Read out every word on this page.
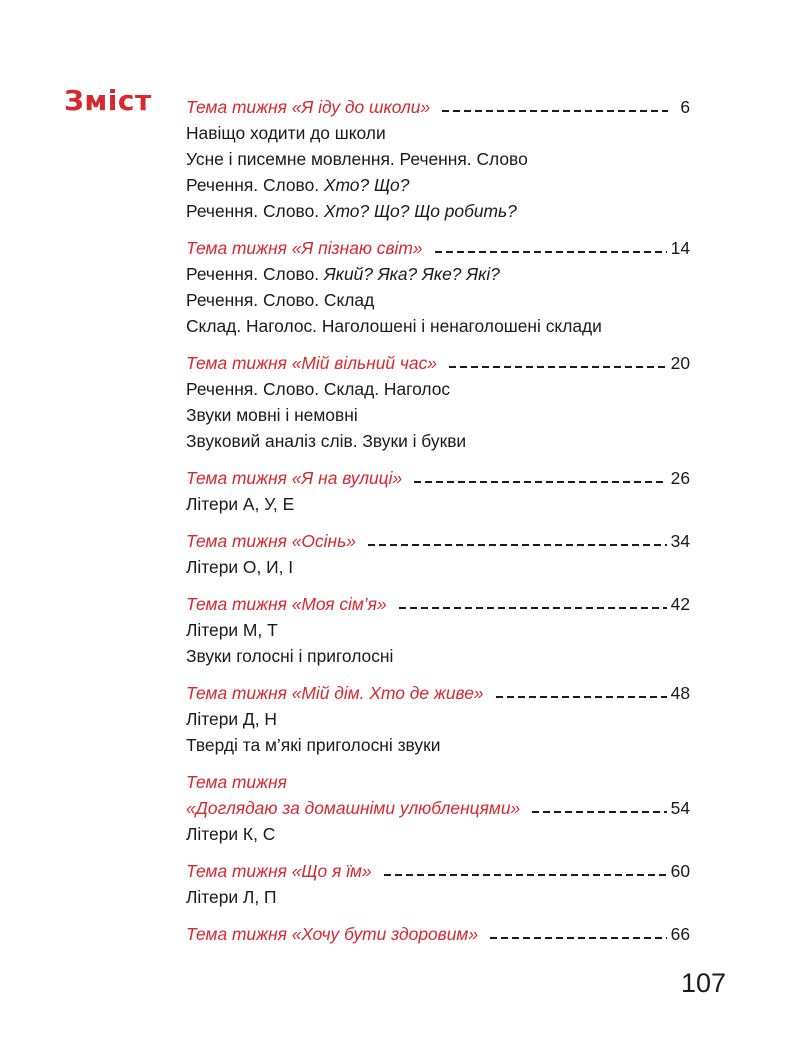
Зміст Тема тижня «Я іду до школи»	6
Навіщо ходити до школи
Усне і писемне мовлення. Речення. Слово
Речення. Слово. Хто? Що?
Речення. Слово. Хто? Що? Що робить?
Тема тижня «Я пізнаю світ»	14
Речення. Слово. Який? Яка? Яке? Які?
Речення. Слово. Склад
Склад. Наголос. Наголошені і ненаголошені склади
Тема тижня «Мій вільний час»	20
Речення. Слово. Склад. Наголос
Звуки мовні і немовні
Звуковий аналіз слів. Звуки і букви
Тема тижня «Я на вулиці»	26
Літери А, У, Е
Тема тижня «Осінь»	34
Літери О, И, І
Тема тижня «Моя сім’я»	42
Літери М, Т
Звуки голосні і приголосні
Тема тижня «Мій дім. Хто де живе»	48
Літери Д, Н
Тверді та м’які приголосні звуки
Тема тижня
«Доглядаю за домашніми улюбленцями»	54
Літери К, С
Тема тижня «Що я їм»	60
Літери Л, П
Тема тижня «Хочу бути здоровим»	66
107
